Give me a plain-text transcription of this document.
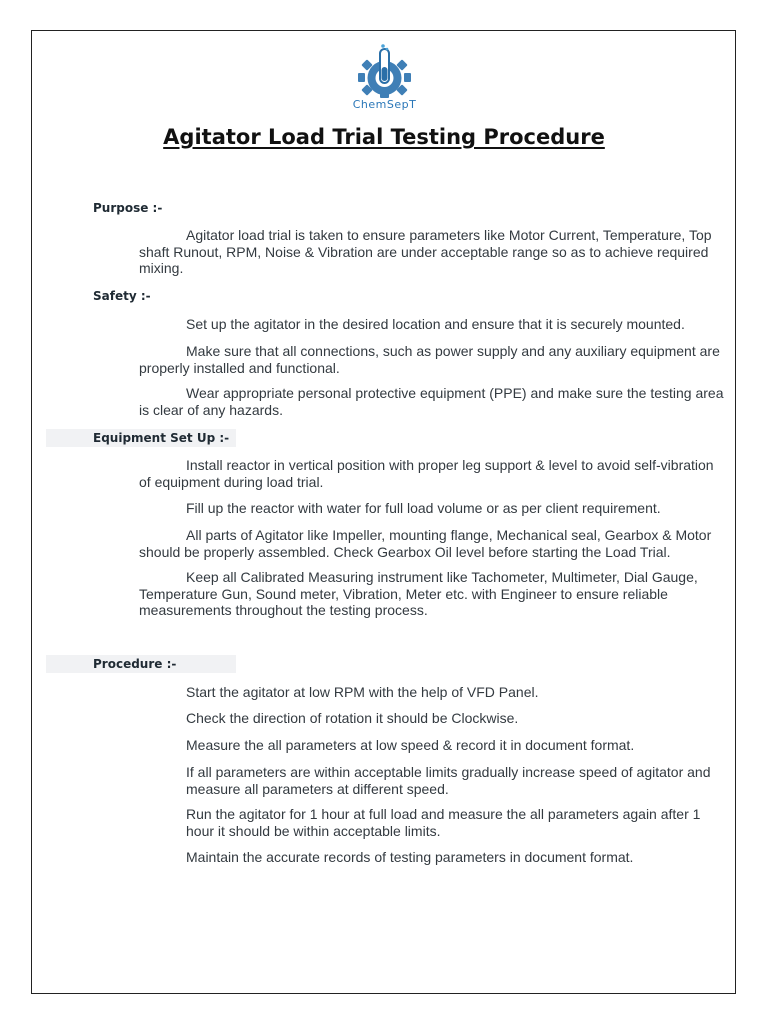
ChemSepT
Agitator Load Trial Testing Procedure
Purpose :-
Agitator load trial is taken to ensure parameters like Motor Current, Temperature, Top shaft Runout, RPM, Noise & Vibration are under acceptable range so as to achieve required mixing.
Safety :-
Set up the agitator in the desired location and ensure that it is securely mounted.
Make sure that all connections, such as power supply and any auxiliary equipment are properly installed and functional.
Wear appropriate personal protective equipment (PPE) and make sure the testing area is clear of any hazards.
Equipment Set Up :-
Install reactor in vertical position with proper leg support & level to avoid self-vibration of equipment during load trial.
Fill up the reactor with water for full load volume or as per client requirement.
All parts of Agitator like Impeller, mounting flange, Mechanical seal, Gearbox & Motor should be properly assembled. Check Gearbox Oil level before starting the Load Trial.
Keep all Calibrated Measuring instrument like Tachometer, Multimeter, Dial Gauge, Temperature Gun, Sound meter, Vibration, Meter etc. with Engineer to ensure reliable measurements throughout the testing process.
Procedure :-
Start the agitator at low RPM with the help of VFD Panel.
Check the direction of rotation it should be Clockwise.
Measure the all parameters at low speed & record it in document format.
If all parameters are within acceptable limits gradually increase speed of agitator and measure all parameters at different speed.
Run the agitator for 1 hour at full load and measure the all parameters again after 1 hour it should be within acceptable limits.
Maintain the accurate records of testing parameters in document format.
